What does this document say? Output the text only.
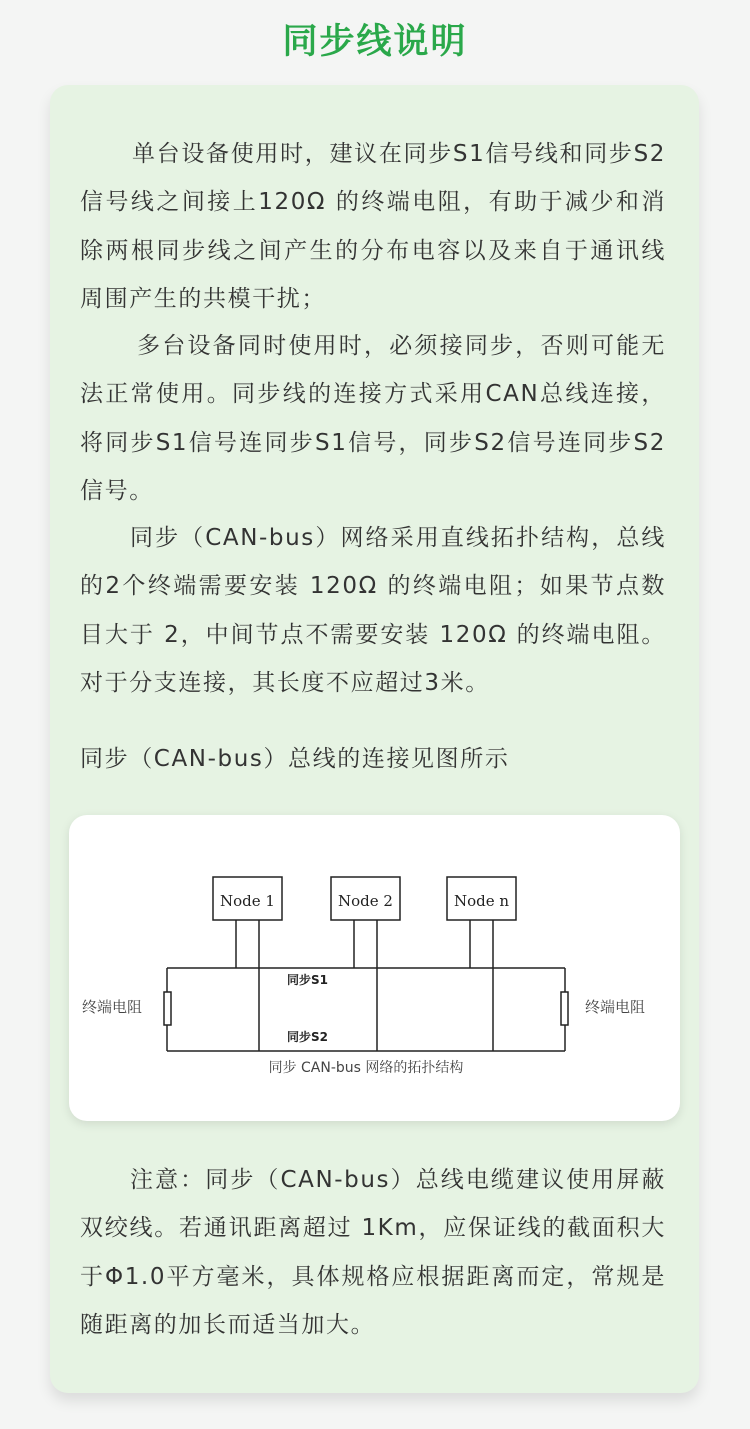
同步线说明

单台设备使用时，建议在同步S1信号线和同步S2信号线之间接上120Ω 的终端电阻，有助于减少和消除两根同步线之间产生的分布电容以及来自于通讯线周围产生的共模干扰；

多台设备同时使用时，必须接同步，否则可能无法正常使用。同步线的连接方式采用CAN总线连接，将同步S1信号连同步S1信号，同步S2信号连同步S2信号。

同步（CAN-bus）网络采用直线拓扑结构，总线的2个终端需要安装 120Ω 的终端电阻；如果节点数目大于 2，中间节点不需要安装 120Ω 的终端电阻。对于分支连接，其长度不应超过3米。

同步（CAN-bus）总线的连接见图所示
Node 1	Node 2	Node n
同步S1
同步S2
终端电阻	终端电阻
同步 CAN-bus 网络的拓扑结构

注意：同步（CAN-bus）总线电缆建议使用屏蔽双绞线。若通讯距离超过 1Km，应保证线的截面积大于Φ1.0平方毫米，具体规格应根据距离而定，常规是随距离的加长而适当加大。
